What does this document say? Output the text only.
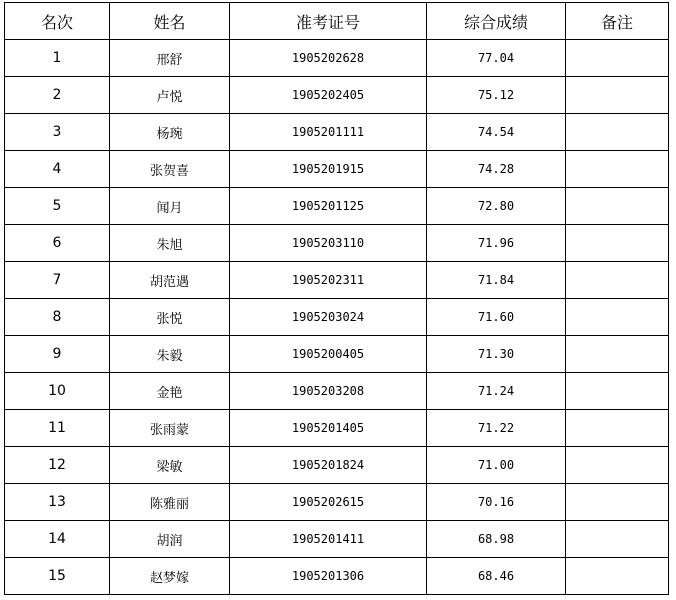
名次	姓名	准考证号	综合成绩	备注
1	邢舒	1905202628	77.04	
2	卢悦	1905202405	75.12	
3	杨琬	1905201111	74.54	
4	张贺喜	1905201915	74.28	
5	闻月	1905201125	72.80	
6	朱旭	1905203110	71.96	
7	胡范遇	1905202311	71.84	
8	张悦	1905203024	71.60	
9	朱毅	1905200405	71.30	
10	金艳	1905203208	71.24	
11	张雨蒙	1905201405	71.22	
12	梁敏	1905201824	71.00	
13	陈雅丽	1905202615	70.16	
14	胡润	1905201411	68.98	
15	赵梦嫁	1905201306	68.46	
